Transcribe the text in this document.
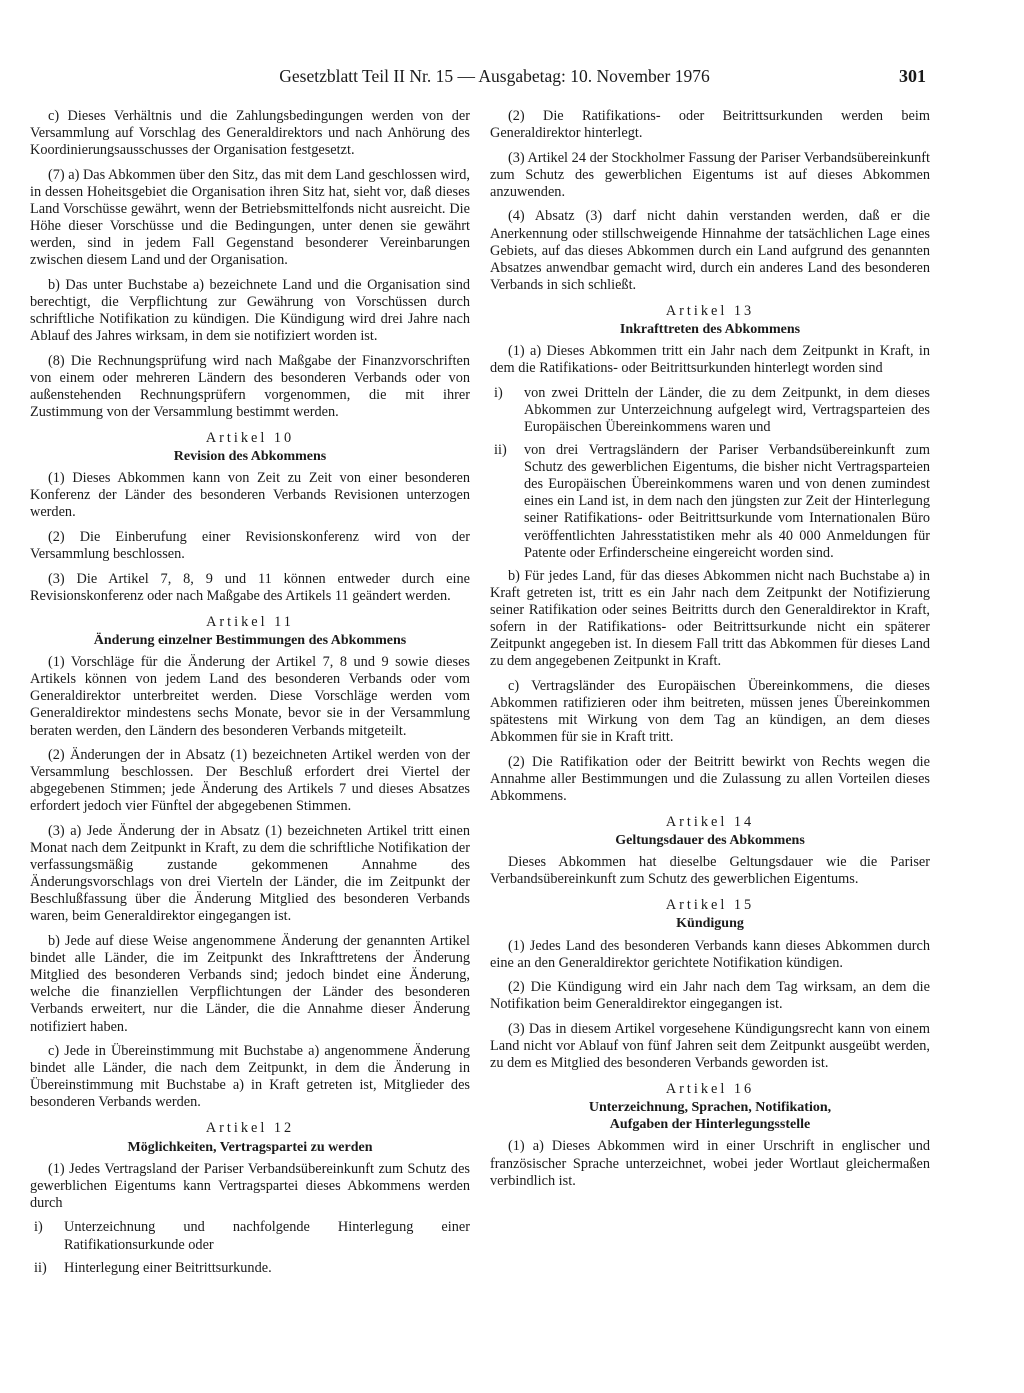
Gesetzblatt Teil II Nr. 15 — Ausgabetag: 10. November 1976	301

c) Dieses Verhältnis und die Zahlungsbedingungen werden von der Versammlung auf Vorschlag des Generaldirektors und nach Anhörung des Koordinierungsausschusses der Organisation festgesetzt.

(7) a) Das Abkommen über den Sitz, das mit dem Land geschlossen wird, in dessen Hoheitsgebiet die Organisation ihren Sitz hat, sieht vor, daß dieses Land Vorschüsse gewährt, wenn der Betriebsmittelfonds nicht ausreicht. Die Höhe dieser Vorschüsse und die Bedingungen, unter denen sie gewährt werden, sind in jedem Fall Gegenstand besonderer Vereinbarungen zwischen diesem Land und der Organisation.

b) Das unter Buchstabe a) bezeichnete Land und die Organisation sind berechtigt, die Verpflichtung zur Gewährung von Vorschüssen durch schriftliche Notifikation zu kündigen. Die Kündigung wird drei Jahre nach Ablauf des Jahres wirksam, in dem sie notifiziert worden ist.

(8) Die Rechnungsprüfung wird nach Maßgabe der Finanzvorschriften von einem oder mehreren Ländern des besonderen Verbands oder von außenstehenden Rechnungsprüfern vorgenommen, die mit ihrer Zustimmung von der Versammlung bestimmt werden.

Artikel 10
Revision des Abkommens

(1) Dieses Abkommen kann von Zeit zu Zeit von einer besonderen Konferenz der Länder des besonderen Verbands Revisionen unterzogen werden.

(2) Die Einberufung einer Revisionskonferenz wird von der Versammlung beschlossen.

(3) Die Artikel 7, 8, 9 und 11 können entweder durch eine Revisionskonferenz oder nach Maßgabe des Artikels 11 geändert werden.

Artikel 11
Änderung einzelner Bestimmungen des Abkommens

(1) Vorschläge für die Änderung der Artikel 7, 8 und 9 sowie dieses Artikels können von jedem Land des besonderen Verbands oder vom Generaldirektor unterbreitet werden. Diese Vorschläge werden vom Generaldirektor mindestens sechs Monate, bevor sie in der Versammlung beraten werden, den Ländern des besonderen Verbands mitgeteilt.

(2) Änderungen der in Absatz (1) bezeichneten Artikel werden von der Versammlung beschlossen. Der Beschluß erfordert drei Viertel der abgegebenen Stimmen; jede Änderung des Artikels 7 und dieses Absatzes erfordert jedoch vier Fünftel der abgegebenen Stimmen.

(3) a) Jede Änderung der in Absatz (1) bezeichneten Artikel tritt einen Monat nach dem Zeitpunkt in Kraft, zu dem die schriftliche Notifikation der verfassungsmäßig zustande gekommenen Annahme des Änderungsvorschlags von drei Vierteln der Länder, die im Zeitpunkt der Beschlußfassung über die Änderung Mitglied des besonderen Verbands waren, beim Generaldirektor eingegangen ist.

b) Jede auf diese Weise angenommene Änderung der genannten Artikel bindet alle Länder, die im Zeitpunkt des Inkrafttretens der Änderung Mitglied des besonderen Verbands sind; jedoch bindet eine Änderung, welche die finanziellen Verpflichtungen der Länder des besonderen Verbands erweitert, nur die Länder, die die Annahme dieser Änderung notifiziert haben.

c) Jede in Übereinstimmung mit Buchstabe a) angenommene Änderung bindet alle Länder, die nach dem Zeitpunkt, in dem die Änderung in Übereinstimmung mit Buchstabe a) in Kraft getreten ist, Mitglieder des besonderen Verbands werden.

Artikel 12
Möglichkeiten, Vertragspartei zu werden

(1) Jedes Vertragsland der Pariser Verbandsübereinkunft zum Schutz des gewerblichen Eigentums kann Vertragspartei dieses Abkommens werden durch

i)	Unterzeichnung und nachfolgende Hinterlegung einer Ratifikationsurkunde oder
ii)	Hinterlegung einer Beitrittsurkunde.

(2) Die Ratifikations- oder Beitrittsurkunden werden beim Generaldirektor hinterlegt.

(3) Artikel 24 der Stockholmer Fassung der Pariser Verbandsübereinkunft zum Schutz des gewerblichen Eigentums ist auf dieses Abkommen anzuwenden.

(4) Absatz (3) darf nicht dahin verstanden werden, daß er die Anerkennung oder stillschweigende Hinnahme der tatsächlichen Lage eines Gebiets, auf das dieses Abkommen durch ein Land aufgrund des genannten Absatzes anwendbar gemacht wird, durch ein anderes Land des besonderen Verbands in sich schließt.

Artikel 13
Inkrafttreten des Abkommens

(1) a) Dieses Abkommen tritt ein Jahr nach dem Zeitpunkt in Kraft, in dem die Ratifikations- oder Beitrittsurkunden hinterlegt worden sind

i)	von zwei Dritteln der Länder, die zu dem Zeitpunkt, in dem dieses Abkommen zur Unterzeichnung aufgelegt wird, Vertragsparteien des Europäischen Übereinkommens waren und
ii)	von drei Vertragsländern der Pariser Verbandsübereinkunft zum Schutz des gewerblichen Eigentums, die bisher nicht Vertragsparteien des Europäischen Übereinkommens waren und von denen zumindest eines ein Land ist, in dem nach den jüngsten zur Zeit der Hinterlegung seiner Ratifikations- oder Beitrittsurkunde vom Internationalen Büro veröffentlichten Jahresstatistiken mehr als 40 000 Anmeldungen für Patente oder Erfinderscheine eingereicht worden sind.

b) Für jedes Land, für das dieses Abkommen nicht nach Buchstabe a) in Kraft getreten ist, tritt es ein Jahr nach dem Zeitpunkt der Notifizierung seiner Ratifikation oder seines Beitritts durch den Generaldirektor in Kraft, sofern in der Ratifikations- oder Beitrittsurkunde nicht ein späterer Zeitpunkt angegeben ist. In diesem Fall tritt das Abkommen für dieses Land zu dem angegebenen Zeitpunkt in Kraft.

c) Vertragsländer des Europäischen Übereinkommens, die dieses Abkommen ratifizieren oder ihm beitreten, müssen jenes Übereinkommen spätestens mit Wirkung von dem Tag an kündigen, an dem dieses Abkommen für sie in Kraft tritt.

(2) Die Ratifikation oder der Beitritt bewirkt von Rechts wegen die Annahme aller Bestimmungen und die Zulassung zu allen Vorteilen dieses Abkommens.

Artikel 14
Geltungsdauer des Abkommens

Dieses Abkommen hat dieselbe Geltungsdauer wie die Pariser Verbandsübereinkunft zum Schutz des gewerblichen Eigentums.

Artikel 15
Kündigung

(1) Jedes Land des besonderen Verbands kann dieses Abkommen durch eine an den Generaldirektor gerichtete Notifikation kündigen.

(2) Die Kündigung wird ein Jahr nach dem Tag wirksam, an dem die Notifikation beim Generaldirektor eingegangen ist.

(3) Das in diesem Artikel vorgesehene Kündigungsrecht kann von einem Land nicht vor Ablauf von fünf Jahren seit dem Zeitpunkt ausgeübt werden, zu dem es Mitglied des besonderen Verbands geworden ist.

Artikel 16
Unterzeichnung, Sprachen, Notifikation,
Aufgaben der Hinterlegungsstelle

(1) a) Dieses Abkommen wird in einer Urschrift in englischer und französischer Sprache unterzeichnet, wobei jeder Wortlaut gleichermaßen verbindlich ist.
